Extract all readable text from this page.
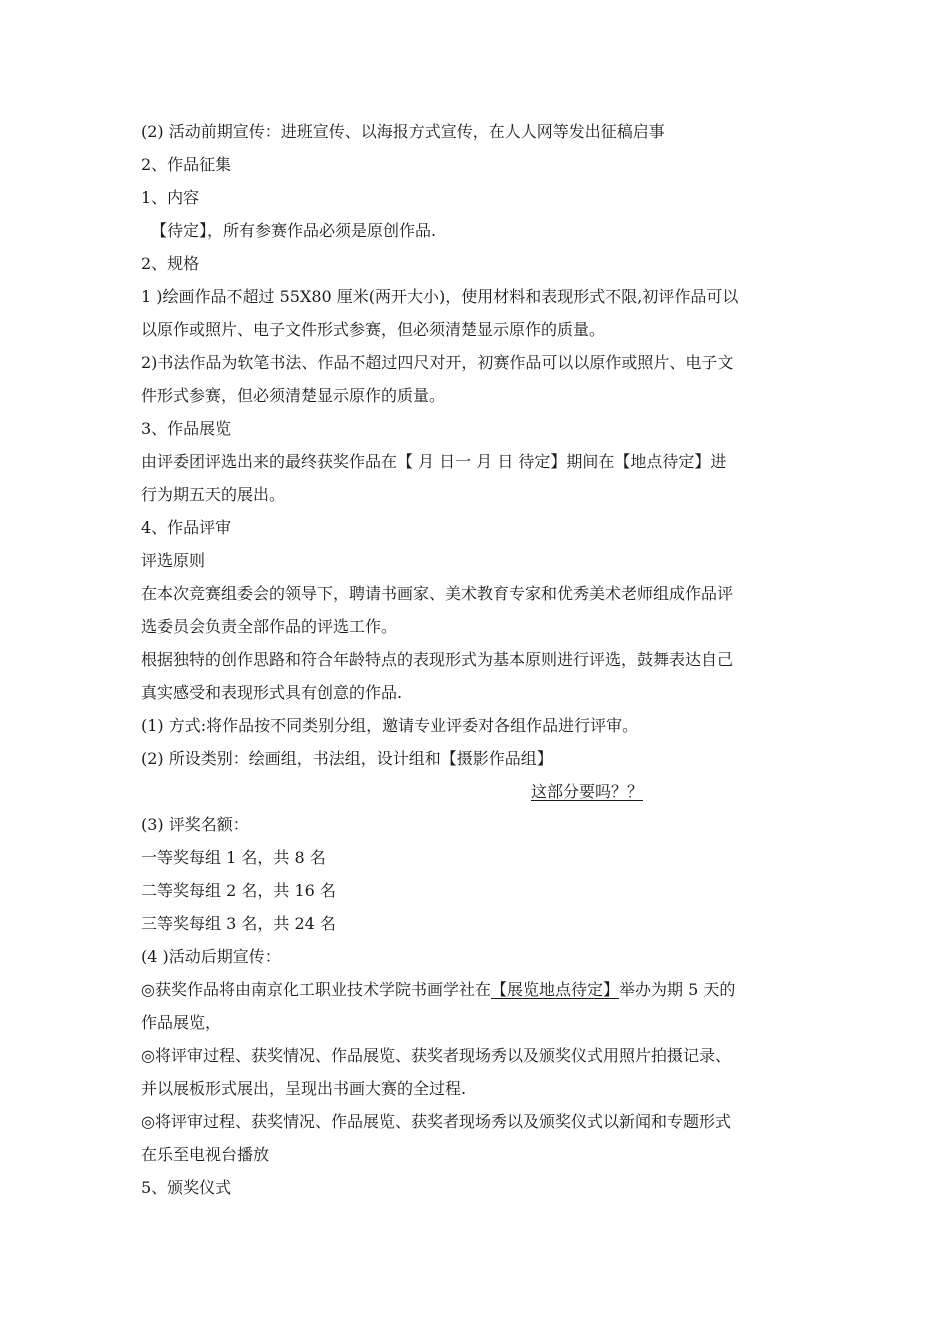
(2) 活动前期宣传：进班宣传、以海报方式宣传，在人人网等发出征稿启事
2、作品征集
1、内容
【待定】，所有参赛作品必须是原创作品.
2、规格
1 )绘画作品不超过 55X80 厘米(两开大小)，使用材料和表现形式不限,初评作品可以
以原作或照片、电子文件形式参赛，但必须清楚显示原作的质量。
2)书法作品为软笔书法、作品不超过四尺对开，初赛作品可以以原作或照片、电子文
件形式参赛，但必须清楚显示原作的质量。
3、作品展览
由评委团评选出来的最终获奖作品在【 月 日一 月 日 待定】期间在【地点待定】进
行为期五天的展出。
4、作品评审
评选原则
在本次竞赛组委会的领导下，聘请书画家、美术教育专家和优秀美术老师组成作品评
选委员会负责全部作品的评选工作。
根据独特的创作思路和符合年龄特点的表现形式为基本原则进行评选，鼓舞表达自己
真实感受和表现形式具有创意的作品.
(1) 方式:将作品按不同类别分组，邀请专业评委对各组作品进行评审。
(2) 所设类别：绘画组，书法组，设计组和【摄影作品组】
这部分要吗？？
(3) 评奖名额：
一等奖每组 1 名，共 8 名
二等奖每组 2 名，共 16 名
三等奖每组 3 名，共 24 名
(4 )活动后期宣传：
◎获奖作品将由南京化工职业技术学院书画学社在【展览地点待定】举办为期 5 天的
作品展览，
◎将评审过程、获奖情况、作品展览、获奖者现场秀以及颁奖仪式用照片拍摄记录、
并以展板形式展出，呈现出书画大赛的全过程.
◎将评审过程、获奖情况、作品展览、获奖者现场秀以及颁奖仪式以新闻和专题形式
在乐至电视台播放
5、颁奖仪式
